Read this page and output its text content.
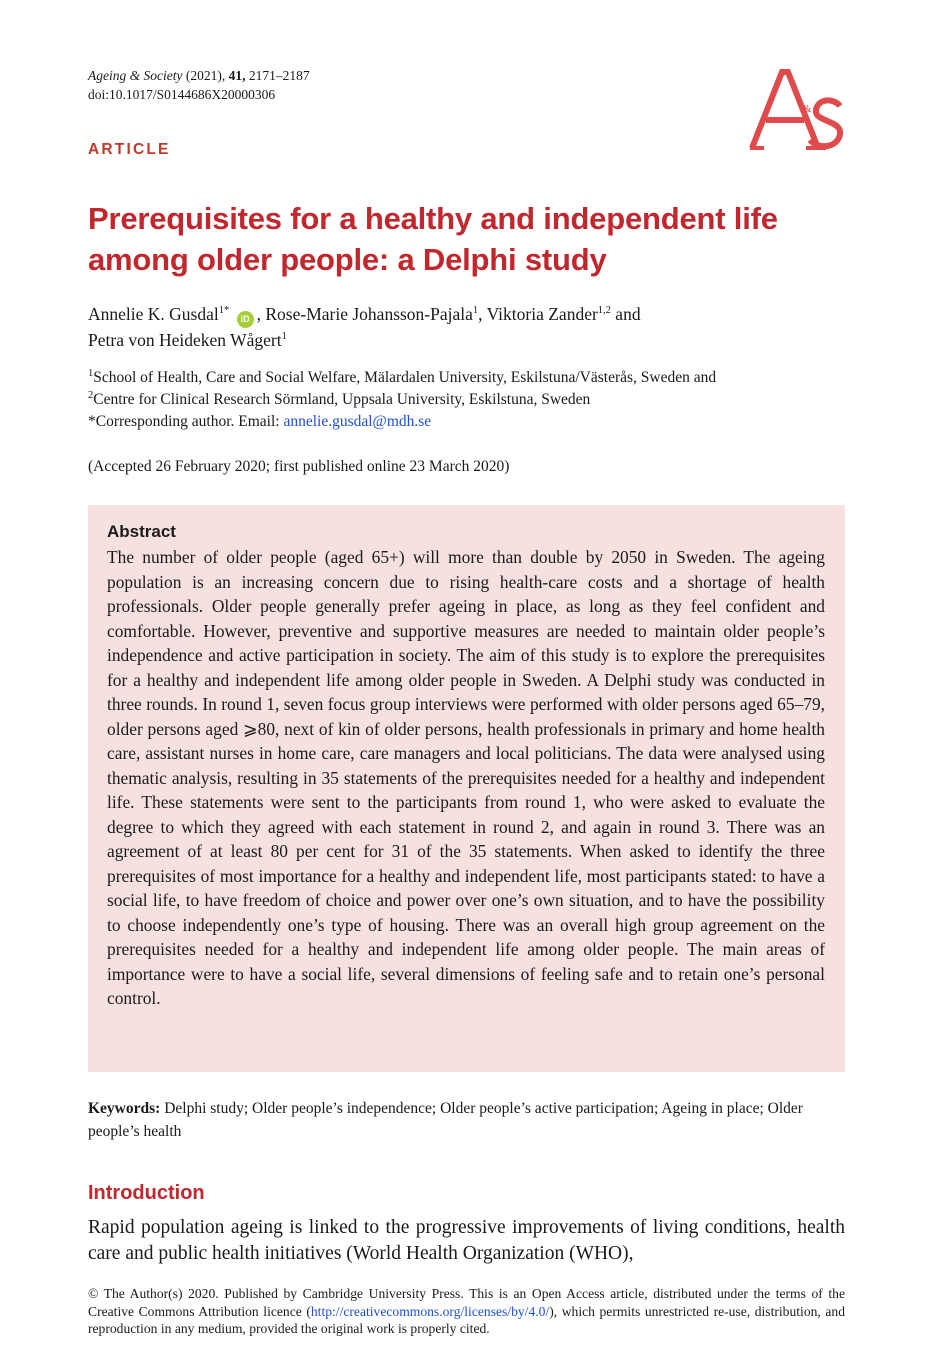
Ageing & Society (2021), 41, 2171–2187
doi:10.1017/S0144686X20000306
&
ARTICLE
Prerequisites for a healthy and independent life among older people: a Delphi study
Annelie K. Gusdal$^{1*}$ iD , Rose-Marie Johansson-Pajala$^1$, Viktoria Zander$^{1,2}$ and
Petra von Heideken Wågert$^1$
$^1$School of Health, Care and Social Welfare, Mälardalen University, Eskilstuna/Västerås, Sweden and
$^2$Centre for Clinical Research Sörmland, Uppsala University, Eskilstuna, Sweden
*Corresponding author. Email: annelie.gusdal@mdh.se
(Accepted 26 February 2020; first published online 23 March 2020)
Abstract
The number of older people (aged 65+) will more than double by 2050 in Sweden. The ageing population is an increasing concern due to rising health-care costs and a shortage of health professionals. Older people generally prefer ageing in place, as long as they feel confident and comfortable. However, preventive and supportive measures are needed to maintain older people’s independence and active participation in society. The aim of this study is to explore the prerequisites for a healthy and independent life among older people in Sweden. A Delphi study was conducted in three rounds. In round 1, seven focus group interviews were performed with older persons aged 65–79, older persons aged ⩾80, next of kin of older persons, health professionals in primary and home health care, assistant nurses in home care, care managers and local politicians. The data were analysed using thematic analysis, resulting in 35 statements of the prerequisites needed for a healthy and independent life. These statements were sent to the participants from round 1, who were asked to evaluate the degree to which they agreed with each statement in round 2, and again in round 3. There was an agreement of at least 80 per cent for 31 of the 35 statements. When asked to identify the three prerequisites of most importance for a healthy and independent life, most participants stated: to have a social life, to have freedom of choice and power over one’s own situation, and to have the possibility to choose independently one’s type of housing. There was an overall high group agreement on the prerequisites needed for a healthy and independent life among older people. The main areas of importance were to have a social life, several dimensions of feeling safe and to retain one’s personal control.
Keywords: Delphi study; Older people’s independence; Older people’s active participation; Ageing in place; Older people’s health
Introduction
Rapid population ageing is linked to the progressive improvements of living conditions, health care and public health initiatives (World Health Organization (WHO),
© The Author(s) 2020. Published by Cambridge University Press. This is an Open Access article, distributed under the terms of the Creative Commons Attribution licence (http://creativecommons.org/licenses/by/4.0/), which permits unrestricted re-use, distribution, and reproduction in any medium, provided the original work is properly cited.
